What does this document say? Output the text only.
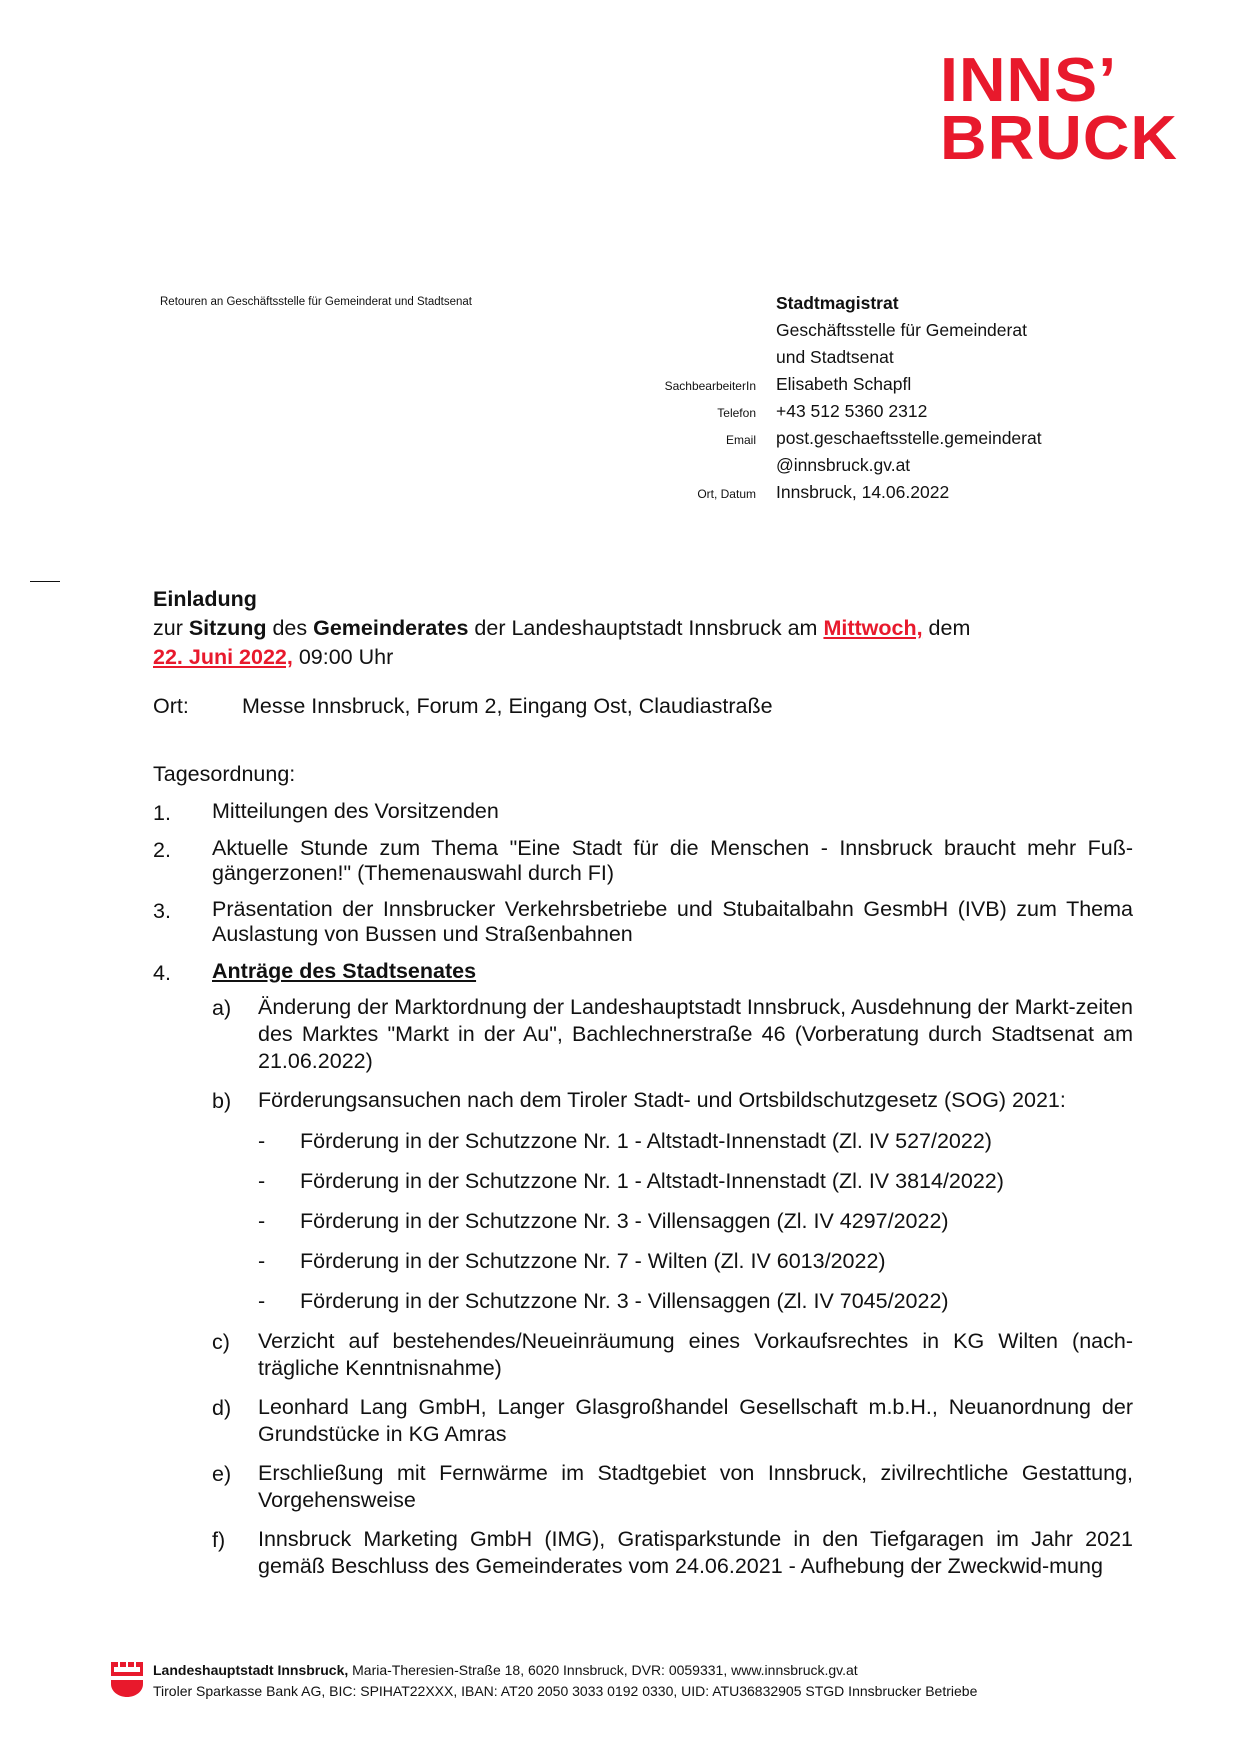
INNS’
BRUCK
Retouren an Geschäftsstelle für Gemeinderat und Stadtsenat	Stadtmagistrat
Geschäftsstelle für Gemeinderat
und Stadtsenat
SachbearbeiterIn	Elisabeth Schapfl
Telefon	+43 512 5360 2312
Email	post.geschaeftsstelle.gemeinderat
@innsbruck.gv.at
Ort, Datum	Innsbruck, 14.06.2022
Einladung
zur Sitzung des Gemeinderates der Landeshauptstadt Innsbruck am Mittwoch, dem
22. Juni 2022, 09:00 Uhr
Ort:	Messe Innsbruck, Forum 2, Eingang Ost, Claudiastraße
Tagesordnung:
1.	Mitteilungen des Vorsitzenden
2.	Aktuelle Stunde zum Thema "Eine Stadt für die Menschen - Innsbruck braucht mehr Fuß-gängerzonen!" (Themenauswahl durch FI)
3.	Präsentation der Innsbrucker Verkehrsbetriebe und Stubaitalbahn GesmbH (IVB) zum Thema Auslastung von Bussen und Straßenbahnen
4.	Anträge des Stadtsenates
a)	Änderung der Marktordnung der Landeshauptstadt Innsbruck, Ausdehnung der Markt-zeiten des Marktes "Markt in der Au", Bachlechnerstraße 46 (Vorberatung durch Stadtsenat am 21.06.2022)
b)	Förderungsansuchen nach dem Tiroler Stadt- und Ortsbildschutzgesetz (SOG) 2021:
-	Förderung in der Schutzzone Nr. 1 - Altstadt-Innenstadt (Zl. IV 527/2022)
-	Förderung in der Schutzzone Nr. 1 - Altstadt-Innenstadt (Zl. IV 3814/2022)
-	Förderung in der Schutzzone Nr. 3 - Villensaggen (Zl. IV 4297/2022)
-	Förderung in der Schutzzone Nr. 7 - Wilten (Zl. IV 6013/2022)
-	Förderung in der Schutzzone Nr. 3 - Villensaggen (Zl. IV 7045/2022)
c)	Verzicht auf bestehendes/Neueinräumung eines Vorkaufsrechtes in KG Wilten (nach-trägliche Kenntnisnahme)
d)	Leonhard Lang GmbH, Langer Glasgroßhandel Gesellschaft m.b.H., Neuanordnung der Grundstücke in KG Amras
e)	Erschließung mit Fernwärme im Stadtgebiet von Innsbruck, zivilrechtliche Gestattung, Vorgehensweise
f)	Innsbruck Marketing GmbH (IMG), Gratisparkstunde in den Tiefgaragen im Jahr 2021 gemäß Beschluss des Gemeinderates vom 24.06.2021 - Aufhebung der Zweckwid-mung
Landeshauptstadt Innsbruck, Maria-Theresien-Straße 18, 6020 Innsbruck, DVR: 0059331, www.innsbruck.gv.at
Tiroler Sparkasse Bank AG, BIC: SPIHAT22XXX, IBAN: AT20 2050 3033 0192 0330, UID: ATU36832905 STGD Innsbrucker Betriebe
